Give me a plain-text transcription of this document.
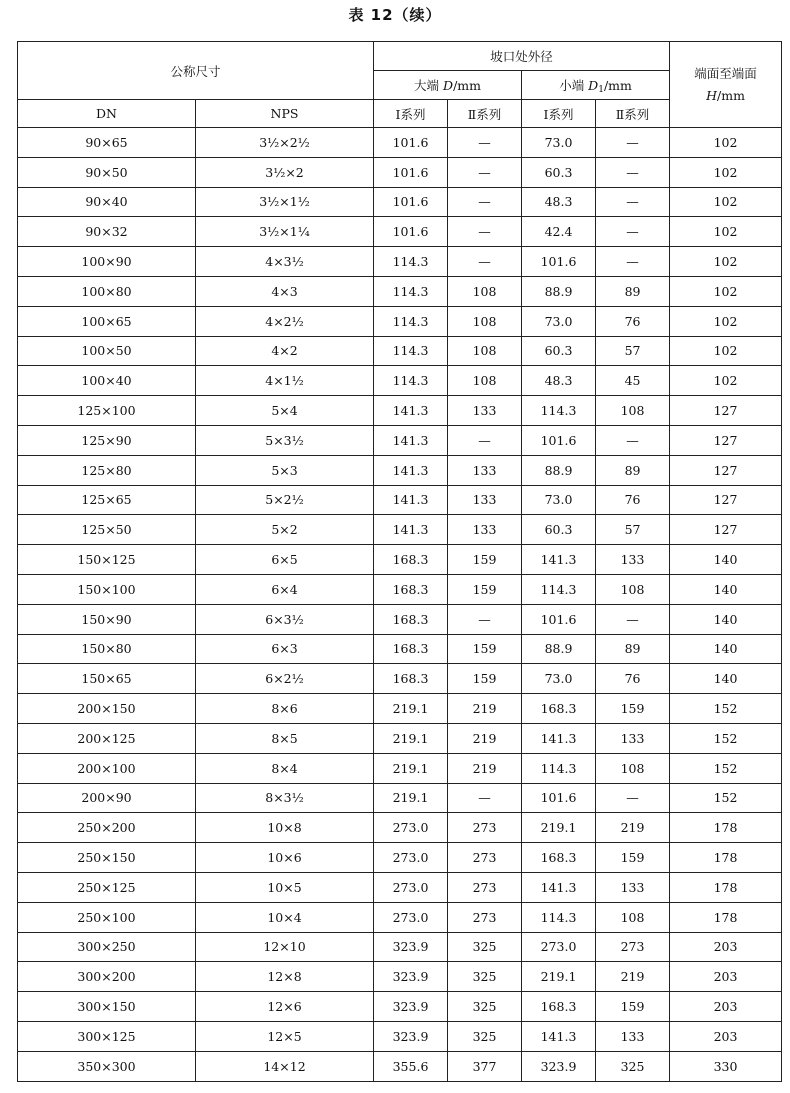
表 12（续）
公称尺寸		坡口处外径				端面至端面
H/mm

		大端 D/mm		小端 $D_1/mm$		
DN	NPS	Ⅰ系列	Ⅱ系列	Ⅰ系列	Ⅱ系列	
90×65	3½×2½	101.6	—	73.0	—	102
90×50	3½×2	101.6	—	60.3	—	102
90×40	3½×1½	101.6	—	48.3	—	102
90×32	3½×1¼	101.6	—	42.4	—	102
100×90	4×3½	114.3	—	101.6	—	102
100×80	4×3	114.3	108	88.9	89	102
100×65	4×2½	114.3	108	73.0	76	102
100×50	4×2	114.3	108	60.3	57	102
100×40	4×1½	114.3	108	48.3	45	102
125×100	5×4	141.3	133	114.3	108	127
125×90	5×3½	141.3	—	101.6	—	127
125×80	5×3	141.3	133	88.9	89	127
125×65	5×2½	141.3	133	73.0	76	127
125×50	5×2	141.3	133	60.3	57	127
150×125	6×5	168.3	159	141.3	133	140
150×100	6×4	168.3	159	114.3	108	140
150×90	6×3½	168.3	—	101.6	—	140
150×80	6×3	168.3	159	88.9	89	140
150×65	6×2½	168.3	159	73.0	76	140
200×150	8×6	219.1	219	168.3	159	152
200×125	8×5	219.1	219	141.3	133	152
200×100	8×4	219.1	219	114.3	108	152
200×90	8×3½	219.1	—	101.6	—	152
250×200	10×8	273.0	273	219.1	219	178
250×150	10×6	273.0	273	168.3	159	178
250×125	10×5	273.0	273	141.3	133	178
250×100	10×4	273.0	273	114.3	108	178
300×250	12×10	323.9	325	273.0	273	203
300×200	12×8	323.9	325	219.1	219	203
300×150	12×6	323.9	325	168.3	159	203
300×125	12×5	323.9	325	141.3	133	203
350×300	14×12	355.6	377	323.9	325	330
